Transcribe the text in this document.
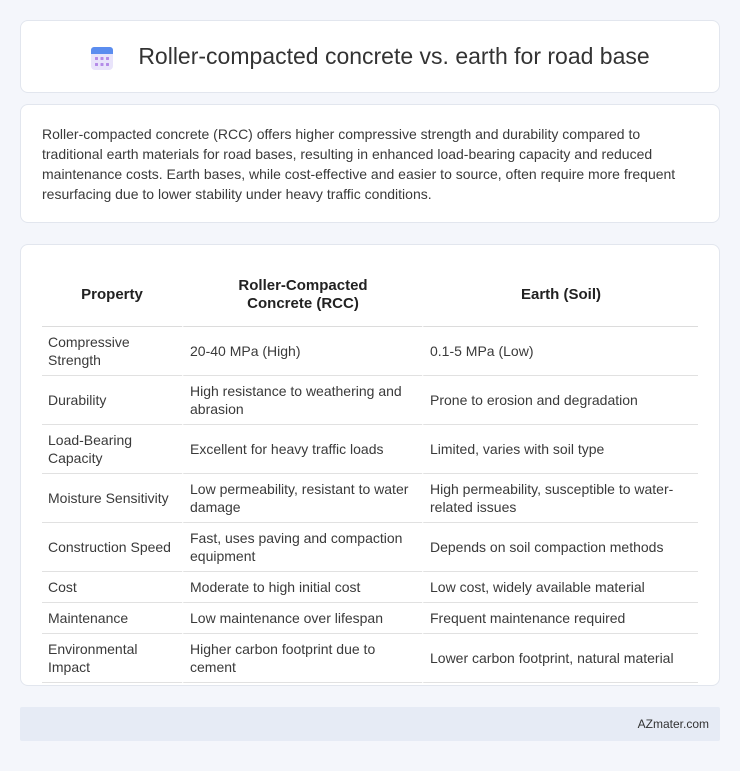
Roller-compacted concrete vs. earth for road base

Roller-compacted concrete (RCC) offers higher compressive strength and durability compared to traditional earth materials for road bases, resulting in enhanced load-bearing capacity and reduced maintenance costs. Earth bases, while cost-effective and easier to source, often require more frequent resurfacing due to lower stability under heavy traffic conditions.

Property	Roller-Compacted Concrete (RCC)	Earth (Soil)
Compressive Strength	20-40 MPa (High)	0.1-5 MPa (Low)
Durability	High resistance to weathering and abrasion	Prone to erosion and degradation
Load-Bearing Capacity	Excellent for heavy traffic loads	Limited, varies with soil type
Moisture Sensitivity	Low permeability, resistant to water damage	High permeability, susceptible to water-related issues
Construction Speed	Fast, uses paving and compaction equipment	Depends on soil compaction methods
Cost	Moderate to high initial cost	Low cost, widely available material
Maintenance	Low maintenance over lifespan	Frequent maintenance required
Environmental Impact	Higher carbon footprint due to cement	Lower carbon footprint, natural material
AZmater.com
